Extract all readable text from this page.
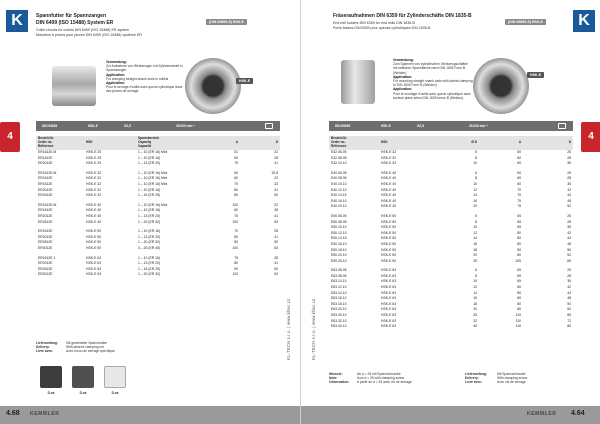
K	Spannfutter für Spannzangen
DIN 6499 (ISO 15488) System ER
Collet chucks for collets DIN 6499 (ISO 15488) ER-system
Mandrins à pinces pour pinces DIN 6499 (ISO 15488) système ER
(DIN 69893-5) HSK-E
HSK-E
Verwendung:
Zur Aufnahme von Werkzeugen mit Zylinderschaft in Spannzangen
Application:
For clamping straight-shank tools in collets
Application:
Pour le serrage d'outils avec queue cylindrique dans des pinces de serrage
DIN 69893	HSK-E	G2,5	25.000 min⁻¹
Bestell-Nr.
Order no.
Référence	HSK	Spannbereich
Capacity
Capacité	A	D
ER1612E.M	HSK-E 25	1 – 10 (ER 16) Mini	51	22
ER1612E	HSK-E 25	1 – 10 (ER 16)	60	28
ER2012E	HSK-E 25	1 – 13 (ER 20)	75	41

ER1612E.M	HSK-E 32	1 – 10 (ER 16) Mini	60	19,5
ER1612E	HSK-E 32	1 – 10 (ER 16) Mini	60	22
ER1612E	HSK-E 32	1 – 10 (ER 16) Mini	70	33
ER2012E	HSK-E 32	1 – 10 (ER 16)	80	41
ER2512E	HSK-E 32	1 – 16 (ER 25)	80	50

ER1612E.M	HSK-E 40	1 – 10 (ER 16) Mini	100	22
ER1612E	HSK-E 40	1 – 10 (ER 16)	60	28
ER2012E	HSK-E 40	1 – 13 (ER 20)	70	41
ER2512E	HSK-E 40	1 – 20 (ER 32)	100	50

ER1612E	HSK-E 50	1 – 10 (ER 16)	70	28
ER2012E	HSK-E 50	1 – 13 (ER 20)	80	41
ER2512E	HSK-E 50	1 – 20 (ER 32)	80	50
ER4012E	HSK-E 50	3 – 26 (ER 40)	100	63

ER1612E.1	HSK-E 63	1 – 10 (ER 16)	75	28
ER2012E	HSK-E 63	1 – 13 (ER 20)	80	41
ER2512E	HSK-E 63	1 – 16 (ER 25)	90	50
ER3212E	HSK-E 63	1 – 20 (ER 32)	120	63
Lieferumfang:
Delivery:
Livré avec:
Mit gewindeter Spannmutter
With tailored clamping nut
Avec écrou de serrage spécifique
S.xx	S.xx	S.xx
KL-TECH s.r.o. | www.kltec.cz
4.68 KEMMLER
4
K
Fräseraufnahmen DIN 6359 für Zylinderschäfte DIN 1835-B
End mill holders DIN 6359 for end mills DIN 1835-B
Porte-fraises DIN 6359 pour queues cylindriques DIN 1835-B
(DIN 69893-5) HSK-E
HSK-E
Verwendung:
Zum Spannen von zylindrischen Werkzeugschäften mit seitlicher Spannfläche nach DIN 1835 Form B (Weldon).
Application:
For mounting straight shank tools with lateral clamping to DIN 1835 Form B (Weldon).
Application:
Pour le montage d'outils avec queue cylindrique avec surface plane selon DIN 1835 forme B (Weldon).
DIN 69893	HSK-E	G2,5	25.000 min⁻¹
Bestell-Nr.
Order no.
Référence	HSK	Ø D	A	D
E32.06.05	HSK-E 32	6	60	25
E32.08.05	HSK-E 32	8	60	28
E32.10.10	HSK-E 32	10	60	35

E40.06.05	HSK-E 40	6	60	25
E40.08.05	HSK-E 40	8	60	28
E40.10.10	HSK-E 40	10	60	35
E40.12.10	HSK-E 40	12	70	42
E40.14.15	HSK-E 40	14	70	44
E40.16.10	HSK-E 40	16	75	48
E40.20.10	HSK-E 40	20	75	52

E50.06.05	HSK-E 50	6	65	25
E50.08.05	HSK-E 50	8	65	28
E50.10.10	HSK-E 50	10	65	35
E50.12.10	HSK-E 50	12	80	42
E50.14.15	HSK-E 50	14	80	44
E50.16.10	HSK-E 50	16	80	48
E50.18.10	HSK-E 50	18	80	50
E50.20.10	HSK-E 50	20	80	52
E50.25.10	HSK-E 50	25	105	65

E63.06.05	HSK-E 63	6	65	25
E63.08.05	HSK-E 63	8	65	28
E63.10.10	HSK-E 63	10	65	35
E63.12.10	HSK-E 63	12	80	42
E63.14.10	HSK-E 63	14	80	44
E63.16.10	HSK-E 63	16	80	48
E63.18.10	HSK-E 63	18	80	50
E63.20.10	HSK-E 63	20	80	52
E63.25.10	HSK-E 63	25	110	65
E63.32.10	HSK-E 63	32	110	72
E63.40.10	HSK-E 63	40	110	80
Hinweis:
Note:
Observation:
Ab d = 25 mit Spannschraube
from d = 25 with clamping screw
A partir de d = 25 avec vis de serrage
Lieferumfang:
Delivery:
Livré avec:
Mit Spannschraube
With clamping screw
Avec vis de serrage
KL-TECH s.r.o. | www.kltec.cz
KEMMLER 4.64
4
